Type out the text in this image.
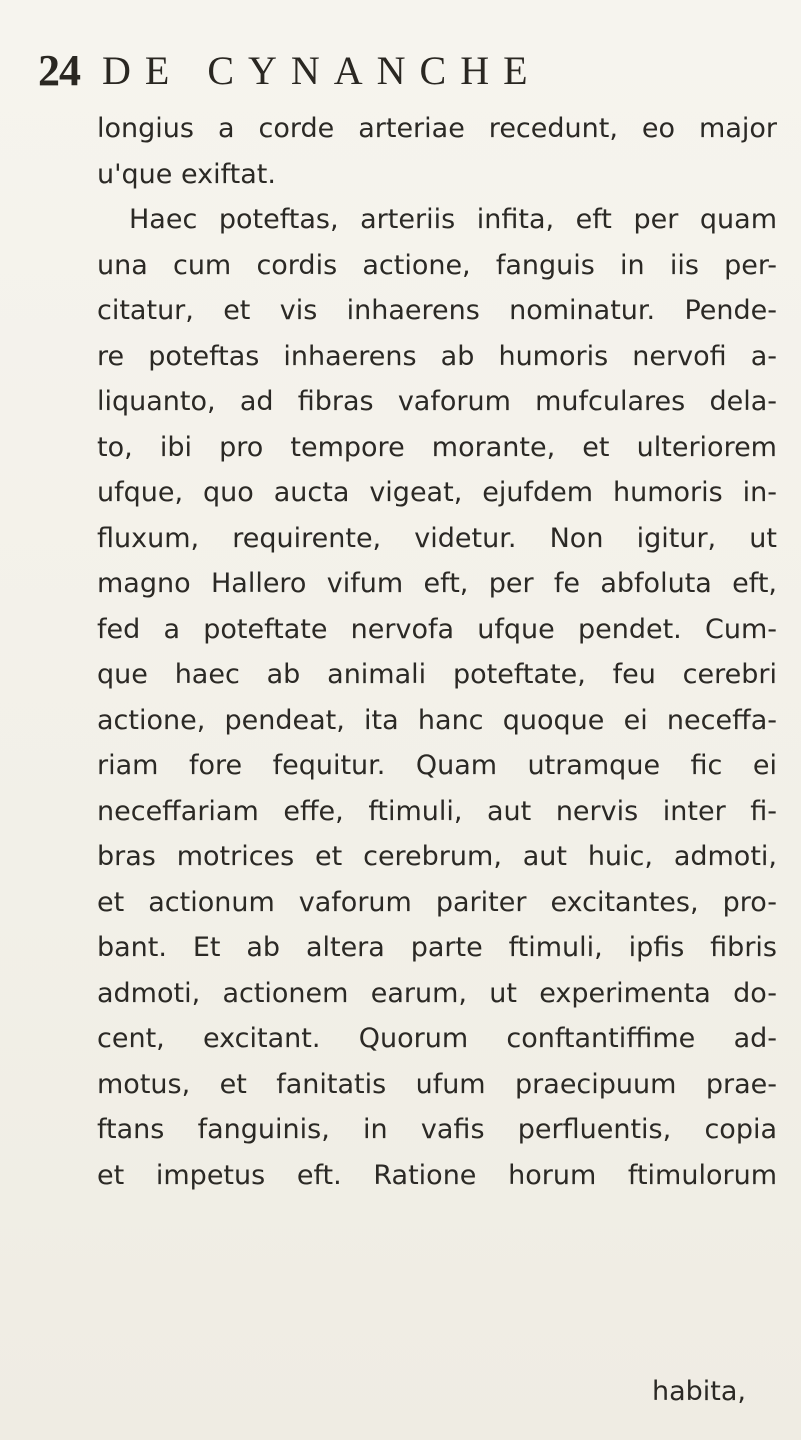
24 DE CYNANCHE
longius a corde arteriae recedunt, eo major
u'que exiftat.
Haec poteftas, arteriis infita, eft per quam
una cum cordis actione, fanguis in iis per-
citatur, et vis inhaerens nominatur. Pende-
re poteftas inhaerens ab humoris nervofi a-
liquanto, ad fibras vaforum mufculares dela-
to, ibi pro tempore morante, et ulteriorem
ufque, quo aucta vigeat, ejufdem humoris in-
fluxum, requirente, videtur. Non igitur, ut
magno Hallero vifum eft, per fe abfoluta eft,
fed a poteftate nervofa ufque pendet. Cum-
que haec ab animali poteftate, feu cerebri
actione, pendeat, ita hanc quoque ei neceffa-
riam fore fequitur. Quam utramque fic ei
neceffariam effe, ftimuli, aut nervis inter fi-
bras motrices et cerebrum, aut huic, admoti,
et actionum vaforum pariter excitantes, pro-
bant. Et ab altera parte ftimuli, ipfis fibris
admoti, actionem earum, ut experimenta do-
cent, excitant. Quorum conftantiffime ad-
motus, et fanitatis ufum praecipuum prae-
ftans fanguinis, in vafis perfluentis, copia
et impetus eft. Ratione horum ftimulorum
habita,
